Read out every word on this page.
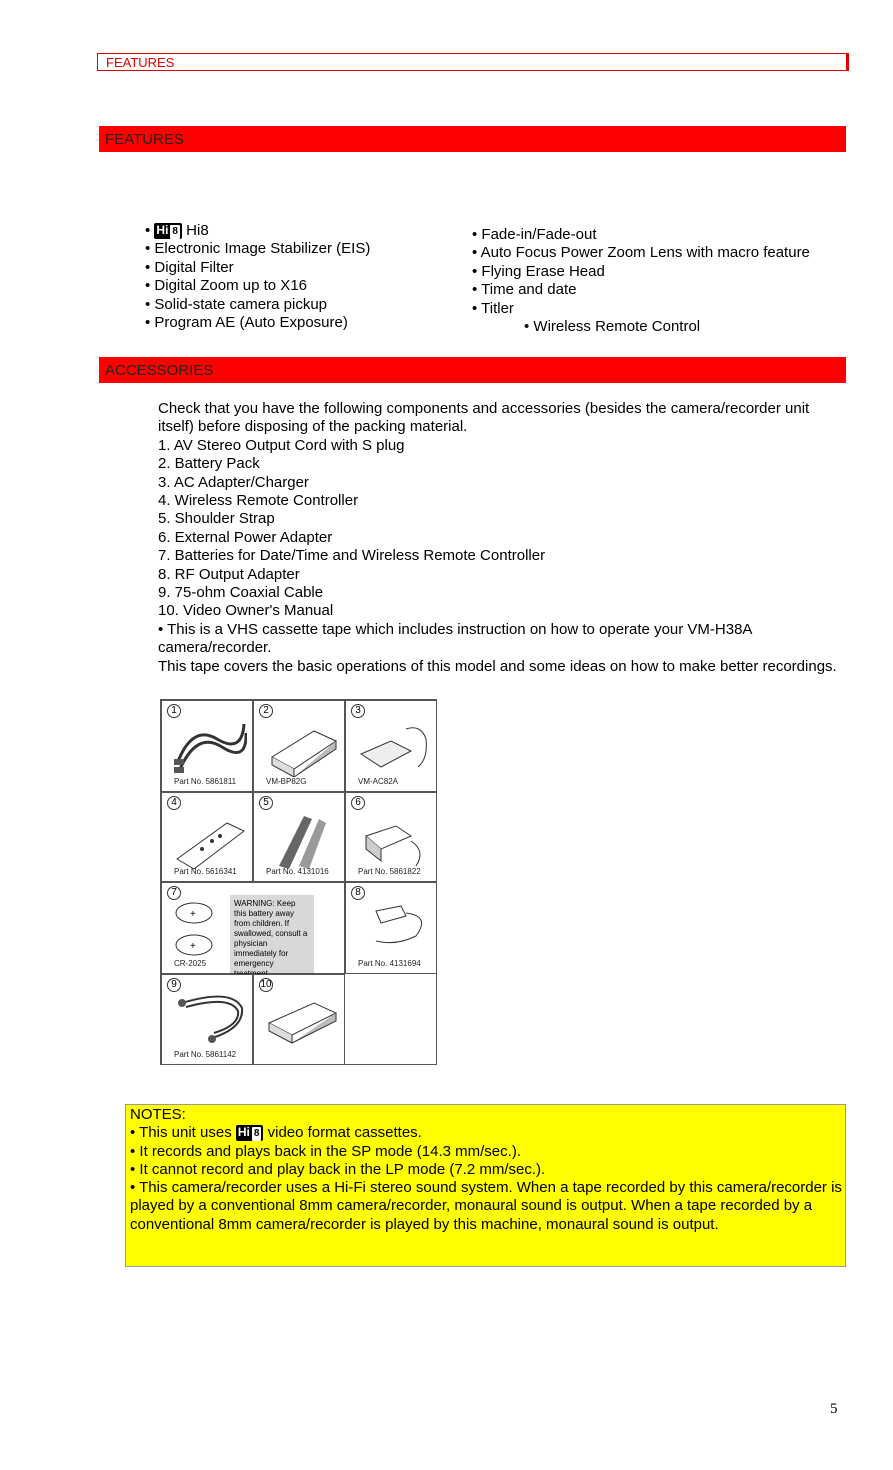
FEATURES
FEATURES
• Hi 8 Hi8
• Electronic Image Stabilizer (EIS)
• Digital Filter
• Digital Zoom up to X16
• Solid-state camera pickup
• Program AE (Auto Exposure)
• Fade-in/Fade-out
• Auto Focus Power Zoom Lens with macro feature
• Flying Erase Head
• Time and date
• Titler
• Wireless Remote Control
ACCESSORIES

Check that you have the following components and accessories (besides the camera/recorder unit itself) before disposing of the packing material.

1. AV Stereo Output Cord with S plug

2. Battery Pack

3. AC Adapter/Charger

4. Wireless Remote Controller

5. Shoulder Strap

6. External Power Adapter

7. Batteries for Date/Time and Wireless Remote Controller

8. RF Output Adapter

9. 75-ohm Coaxial Cable

10. Video Owner's Manual

• This is a VHS cassette tape which includes instruction on how to operate your VM-H38A camera/recorder.

This tape covers the basic operations of this model and some ideas on how to make better recordings.

1
Part No. 5861811
2
VM-BP82G
3
VM-AC82A
4
Part No. 5616341
5
Part No. 4131016
6
Part No. 5861822
7
+
+
WARNING: Keep this battery away from children. If swallowed, consult a physician immediately for emergency
CR-2025
8
Part No. 4131694
9
Part No. 5861142
10

NOTES:

• This unit uses Hi 8 video format cassettes.

• It records and plays back in the SP mode (14.3 mm/sec.).

• It cannot record and play back in the LP mode (7.2 mm/sec.).

• This camera/recorder uses a Hi-Fi stereo sound system. When a tape recorded by this camera/recorder is played by a conventional 8mm camera/recorder, monaural sound is output. When a tape recorded by a conventional 8mm camera/recorder is played by this machine, monaural sound is output.

5
